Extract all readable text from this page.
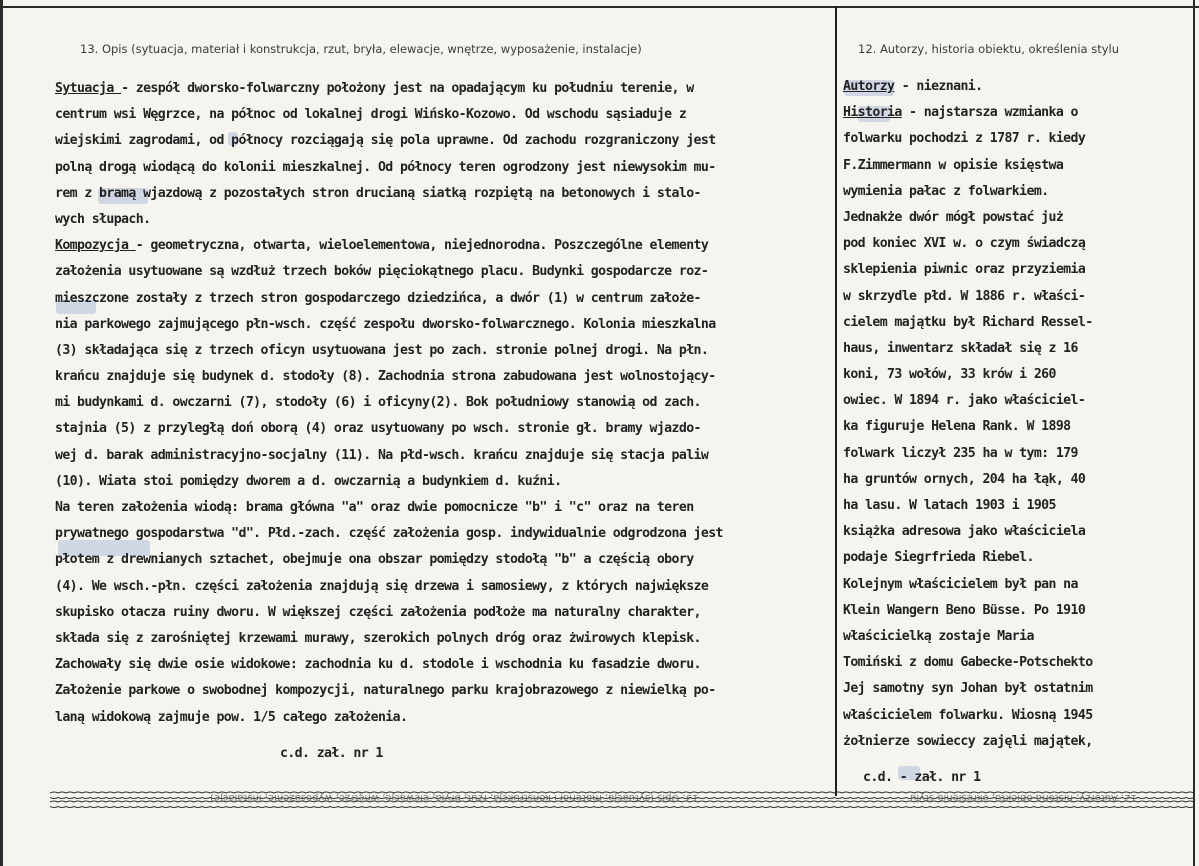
13. Opis (sytuacja, materiał i konstrukcja, rzut, bryła, elewacje, wnętrze, wyposażenie, instalacje)	12. Autorzy, historia obiektu, określenia stylu
Sytuacja - zespół dworsko-folwarczny położony jest na opadającym ku południu terenie, w
centrum wsi Węgrzce, na północ od lokalnej drogi Wińsko-Kozowo. Od wschodu sąsiaduje z
wiejskimi zagrodami, od północy rozciągają się pola uprawne. Od zachodu rozgraniczony jest
polną drogą wiodącą do kolonii mieszkalnej. Od północy teren ogrodzony jest niewysokim mu-
rem z bramą wjazdową z pozostałych stron drucianą siatką rozpiętą na betonowych i stalo-
wych słupach.
Kompozycja - geometryczna, otwarta, wieloelementowa, niejednorodna. Poszczególne elementy
założenia usytuowane są wzdłuż trzech boków pięciokątnego placu. Budynki gospodarcze roz-
mieszczone zostały z trzech stron gospodarczego dziedzińca, a dwór (1) w centrum założe-
nia parkowego zajmującego płn-wsch. część zespołu dworsko-folwarcznego. Kolonia mieszkalna
(3) składająca się z trzech oficyn usytuowana jest po zach. stronie polnej drogi. Na płn.
krańcu znajduje się budynek d. stodoły (8). Zachodnia strona zabudowana jest wolnostojący-
mi budynkami d. owczarni (7), stodoły (6) i oficyny(2). Bok południowy stanowią od zach.
stajnia (5) z przyległą doń oborą (4) oraz usytuowany po wsch. stronie gł. bramy wjazdo-
wej d. barak administracyjno-socjalny (11). Na płd-wsch. krańcu znajduje się stacja paliw
(10). Wiata stoi pomiędzy dworem a d. owczarnią a budynkiem d. kuźni.
Na teren założenia wiodą: brama główna "a" oraz dwie pomocnicze "b" i "c" oraz na teren
prywatnego gospodarstwa "d". Płd.-zach. część założenia gosp. indywidualnie odgrodzona jest
płotem z drewnianych sztachet, obejmuje ona obszar pomiędzy stodołą "b" a częścią obory
(4). We wsch.-płn. części założenia znajdują się drzewa i samosiewy, z których największe
skupisko otacza ruiny dworu. W większej części założenia podłoże ma naturalny charakter,
składa się z zarośniętej krzewami murawy, szerokich polnych dróg oraz żwirowych klepisk.
Zachowały się dwie osie widokowe: zachodnia ku d. stodole i wschodnia ku fasadzie dworu.
Założenie parkowe o swobodnej kompozycji, naturalnego parku krajobrazowego z niewielką po-
laną widokową zajmuje pow. 1/5 całego założenia.
c.d. zał. nr 1
Autorzy - nieznani.
Historia - najstarsza wzmianka o
folwarku pochodzi z 1787 r. kiedy
F.Zimmermann w opisie księstwa
wymienia pałac z folwarkiem.
Jednakże dwór mógł powstać już
pod koniec XVI w. o czym świadczą
sklepienia piwnic oraz przyziemia
w skrzydle płd. W 1886 r. właści-
cielem majątku był Richard Ressel-
haus, inwentarz składał się z 16
koni, 73 wołów, 33 krów i 260
owiec. W 1894 r. jako właściciel-
ka figuruje Helena Rank. W 1898
folwark liczył 235 ha w tym: 179
ha gruntów ornych, 204 ha łąk, 40
ha lasu. W latach 1903 i 1905
książka adresowa jako właściciela
podaje Siegrfrieda Riebel.
Kolejnym właścicielem był pan na
Klein Wangern Beno Büsse. Po 1910
właścicielką zostaje Maria
Tomińskі z domu Gabecke-Potschekto
Jej samotny syn Johan był ostatnim
właścicielem folwarku. Wiosną 1945
żołnierze sowieccy zajęli majątek,
c.d. - zał. nr 1
13. Opis (sytuacja, materiał i konstrukcja, rzut, bryła, elewacje, wnętrze, wyposażenie, instalacje)	12. Autorzy, historia obiektu, określenia stylu
